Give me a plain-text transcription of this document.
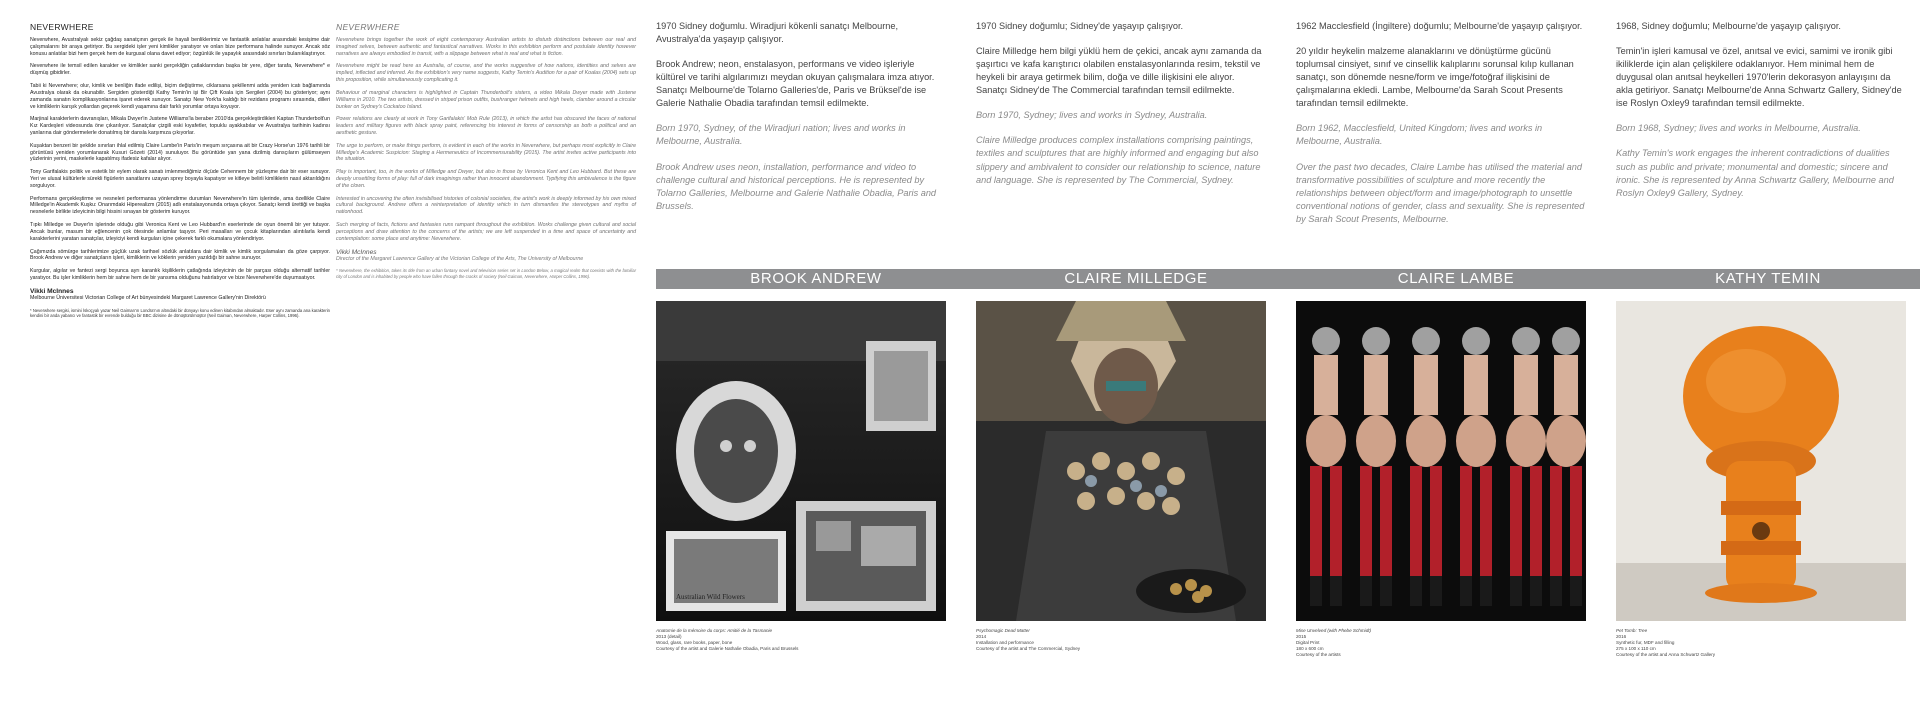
NEVERWHERE

Neverwhere, Avustralyalı sekiz çağdaş sanatçının gerçek ile hayali benliklerimiz ve fantastik anlatılar arasındaki kesişime dair çalışmalarını bir araya getiriyor. Bu sergideki işler yeni kimlikler yaratıyor ve onları bize performans halinde sunuyor. Ancak söz konusu anlatılar bizi hem gerçek hem de kurgusal olana davet ediyor; özgünlük ile yapaylık arasındaki sınırları bulanıklaştırıyor.

Neverwhere ile temsil edilen karakter ve kimlikler sanki gerçekliğin çatlaklarından başka bir yere, diğer tarafa, Neverwhere* e düşmüş gibidirler.

Tabii ki Neverwhere; olur, kimlik ve benliğin ifade edilişi, biçim değiştirme, ciklarsana şekillenmi adda yeniden icatı bağlamında Avustralya olarak da okunabilir. Sergiden gösterdiği Kathy Temin'in işi Bir Çift Koala için Sergileri (2004) bu gösteriyor; aynı zamanda sanatın komplikasyonlarına işaret ederek sunuyor. Sanatçı New York'ta kaldığı bir rezidans programı sırasında, dilleri ve kimliklerin karışık yollardan geçerek kendi yaşamına dair farklı yorumlar ortaya koyuyor.

Marjinal karakterlerin davranışları, Mikala Dwyer'in Justene Williams'la beraber 2010'da gerçekleştirdikleri Kaptan Thunderbolt'un Kız Kardeşleri videosunda öne çıkarılıyor. Sanatçılar çizgili eski kıyafetler, topuklu ayakkabılar ve Avustralya tarihinin kadınsı yanlarına dair göndermelerle donatılmış bir dansla karşımıza çıkıyorlar.

Kuşaktan benzeri bir şekilde sınırları ihlal edilmiş Claire Lambe'in Paris'in meşum sırçasına ait bir Crazy Horse'un 1976 tarihli bir görüntüsü yeniden yorumlanarak Kusuri Gözeti (2014) sunuluyor. Bu görüntüde yan yana dizilmiş dansçıların gülümseyen yüzlerinin yerini, maskelerle kapatılmış ifadesiz kafalar alıyor.

Tony Garifalakis politik ve estetik bir eylem olarak sanatı imlenmediğimiz ölçüde Cehennem bir yüzleşme dair bir eser sunuyor. Yeri ve ulusal kültürlerle sürekli figürlerin sanatlarını uzayan sprey boyayla kapatıyor ve kitleye belirli kimliklerin nasıl aktarıldığını sorguluyor.

Performans gerçekleştirme ve nesneleri performansa yönlendirme durumları Neverwhere'in tüm işlerinde, ama özellikle Claire Milledge'in Akademik Kuşku: Onarımdaki Hiperealizm (2015) adlı enstalasyonunda ortaya çıkıyor. Sanatçı kendi ürettiği ve başka nesnelerle birlikte izleyicinin bilgi hissini sınayan bir gösterim kuruyor.

Tıpkı Milledge ve Dwyer'in işlerinde olduğu gibi Veronica Kent ve Leo Hubbard'ın eserlerinde de oyun önemli bir yer tutuyor. Ancak bunlar, masum bir eğlencenin çok ötesinde anlamlar taşıyor. Peri masalları ve çocuk kitaplarından alıntılarla kendi karakterlerini yaratan sanatçılar, izleyiciyi kendi kurguları içine çekerek farklı okumalara yönlendiriyor.

Çağımızda sömürge tarihlerimize güçlük uzak tarihsel sözlük anlatılara dair kimlik ve kimlik sorgulamaları da göze çarpıyor. Brook Andrew ve diğer sanatçıların işleri, kimliklerin ve köklerin yeniden yazıldığı bir sahne sunuyor.

Kurgular, algılar ve fantezi sergi boyunca ayrı karanlık kişiliklerin çatlağında izleyicinin de bir parçası olduğu alternatif tarihler yaratıyor. Bu işler kimliklerin hem bir sahne hem de bir yansıma olduğunu hatırlatıyor ve bize Neverwhere'de duyumsatıyor.

Vikki McInnes
Melbourne Üniversitesi Victorian College of Art bünyesindeki Margaret Lawrence Gallery'nin Direktörü

* Neverwhere sergisi, ismini İskoçyalı yazar Neil Gaiman'ın Londra'nın altındaki bir dünyayı konu edinen kitabından almaktadır. Eser aynı zamanda ana karakterin kendini bir anda yabancı ve fantastik bir evrende bulduğu bir BBC dizisine de dönüştürülmüştür (Neil Gaiman, Neverwhere, Harper Collins, 1996).

NEVERWHERE

Neverwhere brings together the work of eight contemporary Australian artists to disturb distinctions between our real and imagined selves, between authentic and fantastical narratives. Works in this exhibition perform and postulate identity however narratives are always embodied in transit, with a slippage between what is real and what is fiction.

Neverwhere might be read here as Australia, of course, and the works suggestive of how nations, identities and selves are implied, inflected and inferred. As the exhibition's very name suggests, Kathy Temin's Audition for a pair of Koalas (2004) sets up this proposition, while simultaneously complicating it.

Behaviour of marginal characters is highlighted in Captain Thunderbolt's sisters, a video Mikala Dwyer made with Justene Williams in 2010. The two artists, dressed in striped prison outfits, bushranger helmets and high heels, clamber around a circular bunker on Sydney's Cockatoo Island.

Power relations are clearly at work in Tony Garifalakis' Mob Rule (2013), in which the artist has obscured the faces of national leaders and military figures with black spray paint, referencing his interest in forms of censorship as both a political and an aesthetic gesture.

The urge to perform, or make things perform, is evident in each of the works in Neverwhere, but perhaps most explicitly in Claire Milledge's Academic Suspicion: Staging a Hermeneutics of Incommensurability (2015). The artist invites active participants into the situation.

Play is important, too, in the works of Milledge and Dwyer, but also in those by Veronica Kent and Leo Hubbard. But these are deeply unsettling forms of play: full of dark imaginings rather than innocent abandonment. Typifying this ambivalence is the figure of the clown.

Interested in uncovering the often invisibilised histories of colonial societies, the artist's work is deeply informed by his own mixed cultural background. Andrew offers a reinterpretation of identity which in turn dismantles the stereotypes and myths of nationhood.

Such merging of facts, fictions and fantasies runs rampant throughout the exhibition. Works challenge given cultural and social perceptions and draw attention to the concerns of the artists; we are left suspended in a time and space of uncertainty and contemplation: some place and anytime: Neverwhere.

Vikki McInnes
Director of the Margaret Lawrence Gallery at the Victorian College of the Arts, The University of Melbourne

* Neverwhere, the exhibition, takes its title from an urban fantasy novel and television series set in London Below, a magical realm that coexists with the familiar city of London and is inhabited by people who have fallen through the cracks of society (Neil Gaiman, Neverwhere, Harper Collins, 1996).

1970 Sidney doğumlu. Wiradjuri kökenli sanatçı Melbourne, Avustralya'da yaşayıp çalışıyor.

Brook Andrew; neon, enstalasyon, performans ve video işleriyle kültürel ve tarihi algılarımızı meydan okuyan çalışmalara imza atıyor. Sanatçı Melbourne'de Tolarno Galleries'de, Paris ve Brüksel'de ise Galerie Nathalie Obadia tarafından temsil edilmekte.

Born 1970, Sydney, of the Wiradjuri nation; lives and works in Melbourne, Australia.

Brook Andrew uses neon, installation, performance and video to challenge cultural and historical perceptions. He is represented by Tolarno Galleries, Melbourne and Galerie Nathalie Obadia, Paris and Brussels.

1970 Sidney doğumlu; Sidney'de yaşayıp çalışıyor.

Claire Milledge hem bilgi yüklü hem de çekici, ancak aynı zamanda da şaşırtıcı ve kafa karıştırıcı olabilen enstalasyonlarında resim, tekstil ve heykeli bir araya getirmek bilim, doğa ve dille ilişkisini ele alıyor. Sanatçı Sidney'de The Commercial tarafından temsil edilmekte.

Born 1970, Sydney; lives and works in Sydney, Australia.

Claire Milledge produces complex installations comprising paintings, textiles and sculptures that are highly informed and engaging but also slippery and ambivalent to consider our relationship to science, nature and language. She is represented by The Commercial, Sydney.

1962 Macclesfield (İngiltere) doğumlu; Melbourne'de yaşayıp çalışıyor.

20 yıldır heykelin malzeme alanaklarını ve dönüştürme gücünü toplumsal cinsiyet, sınıf ve cinsellik kalıplarını sorunsal kılıp kullanan sanatçı, son dönemde nesne/form ve imge/fotoğraf ilişkisini de çalışmalarına ekledi. Lambe, Melbourne'da Sarah Scout Presents tarafından temsil edilmekte.

Born 1962, Macclesfield, United Kingdom; lives and works in Melbourne, Australia.

Over the past two decades, Claire Lambe has utilised the material and transformative possibilities of sculpture and more recently the relationships between object/form and image/photograph to unsettle conventional notions of gender, class and sexuality. She is represented by Sarah Scout Presents, Melbourne.

1968, Sidney doğumlu; Melbourne'de yaşayıp çalışıyor.

Temin'in işleri kamusal ve özel, anıtsal ve evici, samimi ve ironik gibi ikiliklerde için alan çelişkilere odaklanıyor. Hem minimal hem de duygusal olan anıtsal heykelleri 1970'lerin dekorasyon anlayışını da akla getiriyor. Sanatçı Melbourne'de Anna Schwartz Gallery, Sidney'de ise Roslyn Oxley9 tarafından temsil edilmekte.

Born 1968, Sydney; lives and works in Melbourne, Australia.

Kathy Temin's work engages the inherent contradictions of dualities such as public and private; monumental and domestic; sincere and ironic. She is represented by Anna Schwartz Gallery, Melbourne and Roslyn Oxley9 Gallery, Sydney.

BROOK ANDREW	CLAIRE MILLEDGE	CLAIRE LAMBE	KATHY TEMIN
Australian Wild Flowers
Anatomie de la mémoire du corps: Amitié de la Tasmanie
2013 (detail)
Wood, glass, rare books, paper, bone
Courtesy of the artist and Galerie Nathalie Obadia, Paris and Brussels
Psychomagic Dead Matter
2014
Installation and performance
Courtesy of the artist and The Commercial, Sydney
Mise Unvelved (with Phebe Schmidt)
2015
Digital Print
180 x 600 cm
Courtesy of the artists
Pet Tomb: Tree
2016
Synthetic fur, MDF and filling
275 x 100 x 110 cm
Courtesy of the artist and Anna Schwartz Gallery
